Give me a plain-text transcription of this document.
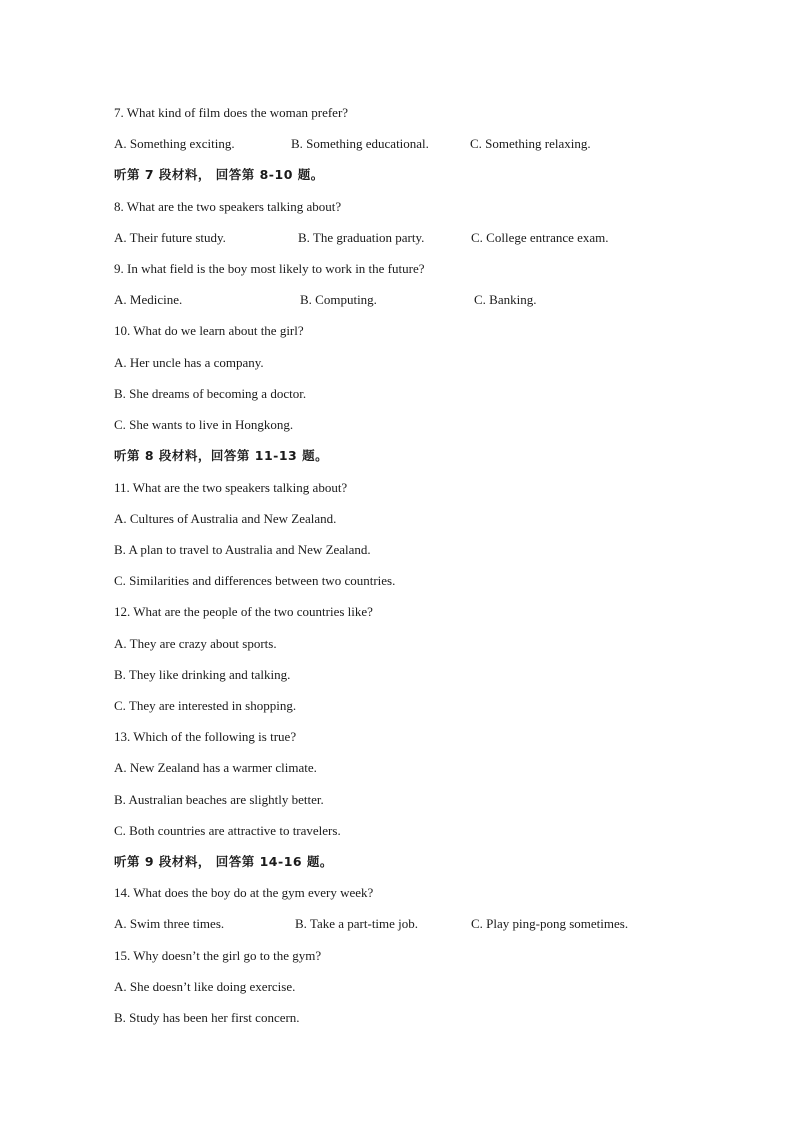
7. What kind of film does the woman prefer?
A. Something exciting.	B. Something educational.	C. Something relaxing.
听第 7 段材料， 回答第 8-10 题。
8. What are the two speakers talking about?
A. Their future study.	B. The graduation party.	C. College entrance exam.
9. In what field is the boy most likely to work in the future?
A. Medicine.	B. Computing.	C. Banking.
10. What do we learn about the girl?
A. Her uncle has a company.
B. She dreams of becoming a doctor.
C. She wants to live in Hongkong.
听第 8 段材料，回答第 11-13 题。
11. What are the two speakers talking about?
A. Cultures of Australia and New Zealand.
B. A plan to travel to Australia and New Zealand.
C. Similarities and differences between two countries.
12. What are the people of the two countries like?
A. They are crazy about sports.
B. They like drinking and talking.
C. They are interested in shopping.
13. Which of the following is true?
A. New Zealand has a warmer climate.
B. Australian beaches are slightly better.
C. Both countries are attractive to travelers.
听第 9 段材料， 回答第 14-16 题。
14. What does the boy do at the gym every week?
A. Swim three times.	B. Take a part-time job.	C. Play ping-pong sometimes.
15. Why doesn’t the girl go to the gym?
A. She doesn’t like doing exercise.
B. Study has been her first concern.
